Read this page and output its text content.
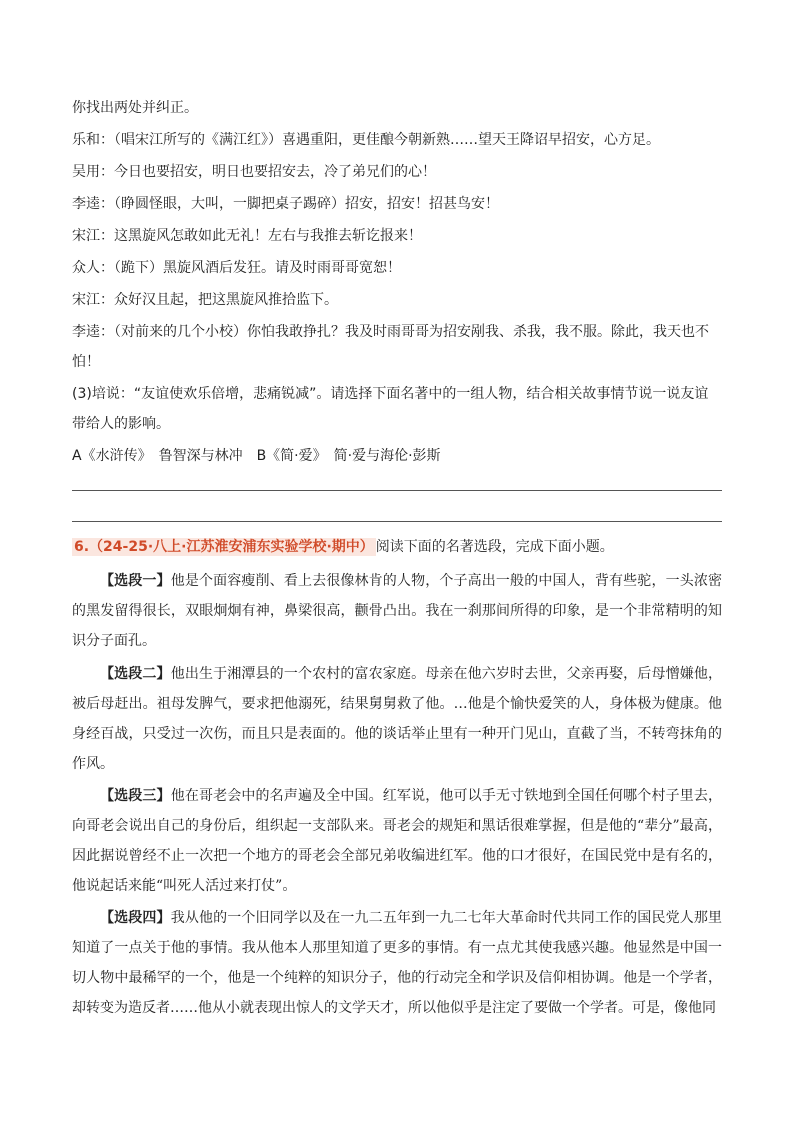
你找出两处并纠正。
乐和：（唱宋江所写的《满江红》）喜遇重阳，更佳酿今朝新熟……望天王降诏早招安，心方足。
吴用：今日也要招安，明日也要招安去，冷了弟兄们的心！
李逵：（睁圆怪眼，大叫，一脚把桌子踢碎）招安，招安！招甚鸟安！
宋江：这黑旋风怎敢如此无礼！左右与我推去斩讫报来！
众人：（跪下）黑旋风酒后发狂。请及时雨哥哥宽恕！
宋江：众好汉且起，把这黑旋风推拾监下。
李逵：（对前来的几个小校）你怕我敢挣扎？我及时雨哥哥为招安剐我、杀我，我不服。除此，我天也不
怕！
(3)培说：“友谊使欢乐倍增，悲痛锐减”。请选择下面名著中的一组人物，结合相关故事情节说一说友谊
带给人的影响。
A《水浒传》　鲁智深与林冲　B《简·爱》　简·爱与海伦·彭斯
6.（24-25·八上·江苏淮安浦东实验学校·期中） 阅读下面的名著选段，完成下面小题。

【选段一】他是个面容瘦削、看上去很像林肯的人物，个子高出一般的中国人，背有些驼，一头浓密的黑发留得很长，双眼炯炯有神，鼻梁很高，颧骨凸出。我在一刹那间所得的印象，是一个非常精明的知识分子面孔。

【选段二】他出生于湘潭县的一个农村的富农家庭。母亲在他六岁时去世，父亲再娶，后母憎嫌他，被后母赶出。祖母发脾气，要求把他溺死，结果舅舅救了他。…他是个愉快爱笑的人，身体极为健康。他身经百战，只受过一次伤，而且只是表面的。他的谈话举止里有一种开门见山，直截了当，不转弯抹角的作风。

【选段三】他在哥老会中的名声遍及全中国。红军说，他可以手无寸铁地到全国任何哪个村子里去，向哥老会说出自己的身份后，组织起一支部队来。哥老会的规矩和黑话很难掌握，但是他的“辈分”最高，因此据说曾经不止一次把一个地方的哥老会全部兄弟收编进红军。他的口才很好，在国民党中是有名的，他说起话来能“叫死人活过来打仗”。

【选段四】我从他的一个旧同学以及在一九二五年到一九二七年大革命时代共同工作的国民党人那里知道了一点关于他的事情。我从他本人那里知道了更多的事情。有一点尤其使我感兴趣。他显然是中国一切人物中最稀罕的一个，他是一个纯粹的知识分子，他的行动完全和学识及信仰相协调。他是一个学者，却转变为造反者……他从小就表现出惊人的文学天才，所以他似乎是注定了要做一个学者。可是，像他同
